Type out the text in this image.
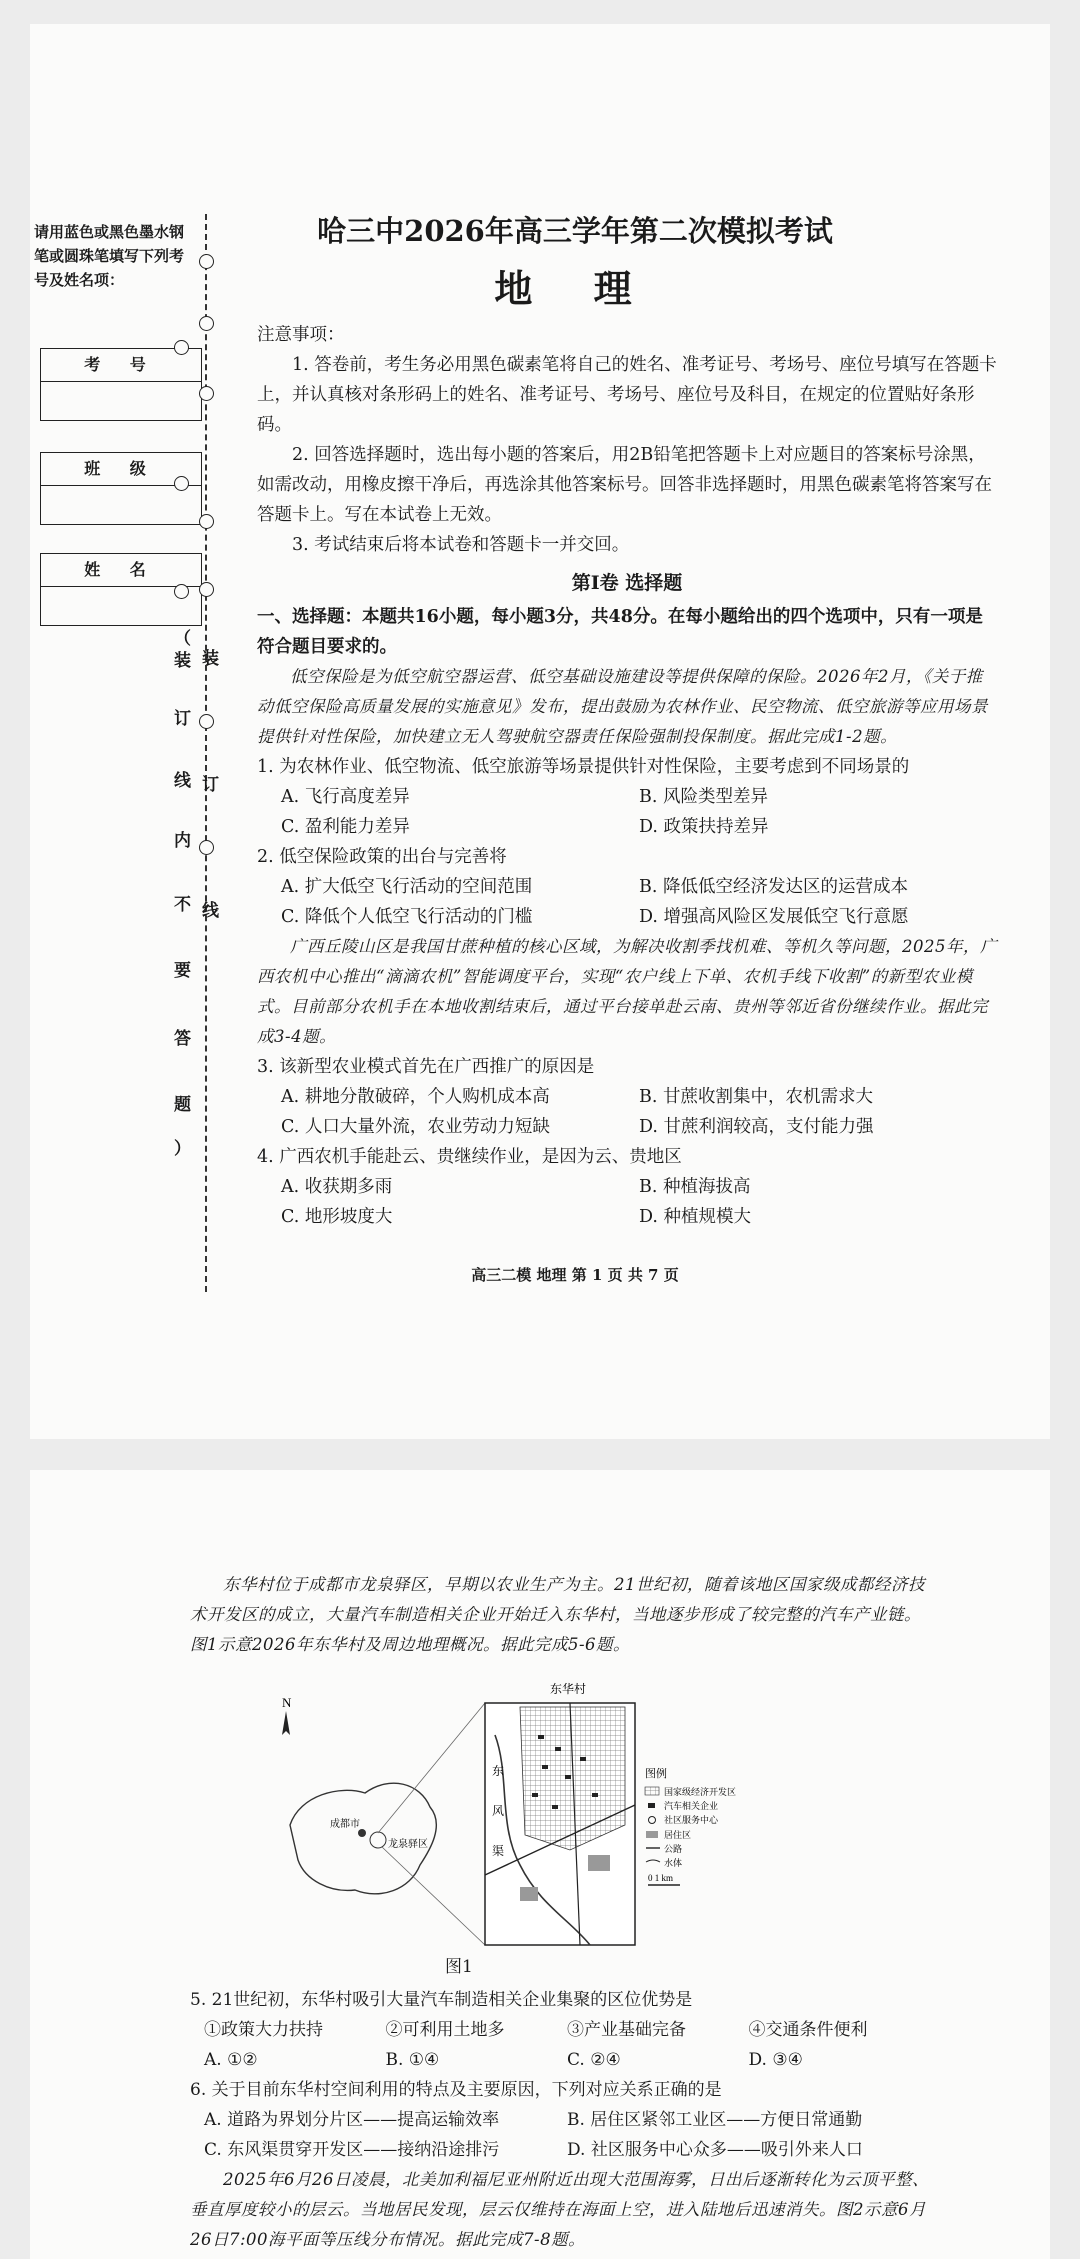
请用蓝色或黑色墨水钢笔或圆珠笔填写下列考号及姓名项：
考 号
班 级
姓 名
（
装
订
线
内
不
要
答
题
）
装
订
线
哈三中2026年高三学年第二次模拟考试
地 理

注意事项：

1. 答卷前，考生务必用黑色碳素笔将自己的姓名、准考证号、考场号、座位号填写在答题卡上，并认真核对条形码上的姓名、准考证号、考场号、座位号及科目，在规定的位置贴好条形码。

2. 回答选择题时，选出每小题的答案后，用2B铅笔把答题卡上对应题目的答案标号涂黑，如需改动，用橡皮擦干净后，再选涂其他答案标号。回答非选择题时，用黑色碳素笔将答案写在答题卡上。写在本试卷上无效。

3. 考试结束后将本试卷和答题卡一并交回。

第Ⅰ卷 选择题

一、选择题：本题共16小题，每小题3分，共48分。在每小题给出的四个选项中，只有一项是符合题目要求的。

低空保险是为低空航空器运营、低空基础设施建设等提供保障的保险。2026年2月，《关于推动低空保险高质量发展的实施意见》发布，提出鼓励为农林作业、民空物流、低空旅游等应用场景提供针对性保险，加快建立无人驾驶航空器责任保险强制投保制度。据此完成1-2题。

1. 为农林作业、低空物流、低空旅游等场景提供针对性保险，主要考虑到不同场景的

A. 飞行高度差异	B. 风险类型差异
C. 盈利能力差异	D. 政策扶持差异

2. 低空保险政策的出台与完善将

A. 扩大低空飞行活动的空间范围	B. 降低低空经济发达区的运营成本
C. 降低个人低空飞行活动的门槛	D. 增强高风险区发展低空飞行意愿

广西丘陵山区是我国甘蔗种植的核心区域，为解决收割季找机难、等机久等问题，2025年，广西农机中心推出“滴滴农机”智能调度平台，实现“农户线上下单、农机手线下收割”的新型农业模式。目前部分农机手在本地收割结束后，通过平台接单赴云南、贵州等邻近省份继续作业。据此完成3-4题。

3. 该新型农业模式首先在广西推广的原因是

A. 耕地分散破碎，个人购机成本高	B. 甘蔗收割集中，农机需求大
C. 人口大量外流，农业劳动力短缺	D. 甘蔗利润较高，支付能力强

4. 广西农机手能赴云、贵继续作业，是因为云、贵地区

A. 收获期多雨	B. 种植海拔高
C. 地形坡度大	D. 种植规模大
高三二模 地理 第 1 页 共 7 页

东华村位于成都市龙泉驿区，早期以农业生产为主。21世纪初，随着该地区国家级成都经济技术开发区的成立，大量汽车制造相关企业开始迁入东华村，当地逐步形成了较完整的汽车产业链。图1示意2026年东华村及周边地理概况。据此完成5-6题。

N
成都市
龙泉驿区
东华村
东
风
渠
图例
国家级经济开发区
汽车相关企业
社区服务中心
居住区
公路
水体
0 1 km
图1

5. 21世纪初，东华村吸引大量汽车制造相关企业集聚的区位优势是

①政策大力扶持	②可利用土地多	③产业基础完备	④交通条件便利
A. ①②	B. ①④	C. ②④	D. ③④

6. 关于目前东华村空间利用的特点及主要原因，下列对应关系正确的是

A. 道路为界划分片区——提高运输效率	B. 居住区紧邻工业区——方便日常通勤
C. 东风渠贯穿开发区——接纳沿途排污	D. 社区服务中心众多——吸引外来人口

2025年6月26日凌晨，北美加利福尼亚州附近出现大范围海雾，日出后逐渐转化为云顶平整、垂直厚度较小的层云。当地居民发现，层云仅维持在海面上空，进入陆地后迅速消失。图2示意6月26日7:00海平面等压线分布情况。据此完成7-8题。
